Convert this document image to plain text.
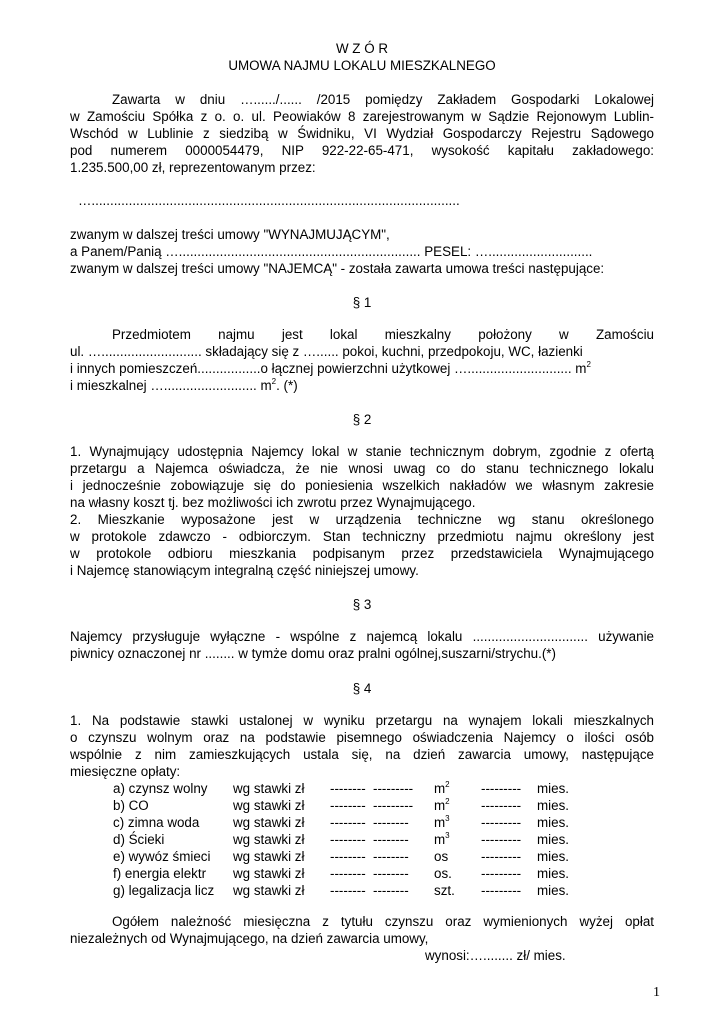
W Z Ó R
UMOWA NAJMU LOKALU MIESZKALNEGO
Zawarta w dniu …....../...... /2015 pomiędzy Zakładem Gospodarki Lokalowej
w Zamościu Spółka z o. o. ul. Peowiaków 8 zarejestrowanym w Sądzie Rejonowym Lublin-
Wschód w Lublinie z siedzibą w Świdniku, VI Wydział Gospodarczy Rejestru Sądowego
pod numerem 0000054479, NIP 922-22-65-471, wysokość kapitału zakładowego:
1.235.500,00 zł, reprezentowanym przez:
…...................................................................................................
zwanym w dalszej treści umowy "WYNAJMUJĄCYM",
a Panem/Panią …................................................................. PESEL: …............................
zwanym w dalszej treści umowy "NAJEMCĄ" - została zawarta umowa treści następujące:
§ 1
Przedmiotem najmu jest lokal mieszkalny położony w Zamościu
ul. …........................... składający się z …...... pokoi, kuchni, przedpokoju, WC, łazienki
i innych pomieszczeń.................o łącznej powierzchni użytkowej …............................ $m^2$
i mieszkalnej …......................... $m^2$. (*)
§ 2
1. Wynajmujący udostępnia Najemcy lokal w stanie technicznym dobrym, zgodnie z ofertą
przetargu a Najemca oświadcza, że nie wnosi uwag co do stanu technicznego lokalu
i jednocześnie zobowiązuje się do poniesienia wszelkich nakładów we własnym zakresie
na własny koszt tj. bez możliwości ich zwrotu przez Wynajmującego.
2. Mieszkanie wyposażone jest w urządzenia techniczne wg stanu określonego
w protokole zdawczo - odbiorczym. Stan techniczny przedmiotu najmu określony jest
w protokole odbioru mieszkania podpisanym przez przedstawiciela Wynajmującego
i Najemcę stanowiącym integralną część niniejszej umowy.
§ 3
Najemcy przysługuje wyłączne - wspólne z najemcą lokalu ............................... używanie
piwnicy oznaczonej nr ........ w tymże domu oraz pralni ogólnej,suszarni/strychu.(*)
§ 4
1. Na podstawie stawki ustalonej w wyniku przetargu na wynajem lokali mieszkalnych
o czynszu wolnym oraz na podstawie pisemnego oświadczenia Najemcy o ilości osób
wspólnie z nim zamieszkujących ustala się, na dzień zawarcia umowy, następujące
miesięczne opłaty:
a) czynsz wolny wg stawki zł -------- --------- $m^2$ --------- mies.
b) CO	wg stawki zł -------- --------- $m^2$ --------- mies.
c) zimna woda	wg stawki zł -------- -------- $m^3$ --------- mies.
d) Ścieki	wg stawki zł -------- -------- $m^3$ --------- mies.
e) wywóz śmieci wg stawki zł -------- -------- os --------- mies.
f) energia elektr wg stawki zł -------- -------- os. --------- mies.
g) legalizacja licz wg stawki zł -------- -------- szt. --------- mies.
Ogółem należność miesięczna z tytułu czynszu oraz wymienionych wyżej opłat
niezależnych od Wynajmującego, na dzień zawarcia umowy,
wynosi:…........ zł/ mies.
1
